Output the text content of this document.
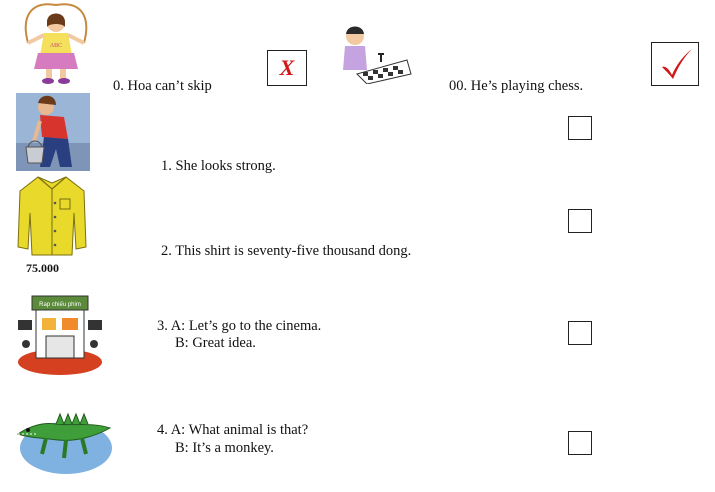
ABC
0. Hoa can’t skip
X
00. He’s playing chess.
1. She looks strong.
75.000
2. This shirt is seventy-five thousand dong.
Rap chiếu phim
3. A: Let’s go to the cinema.
B: Great idea.
4. A: What animal is that?
B: It’s a monkey.
